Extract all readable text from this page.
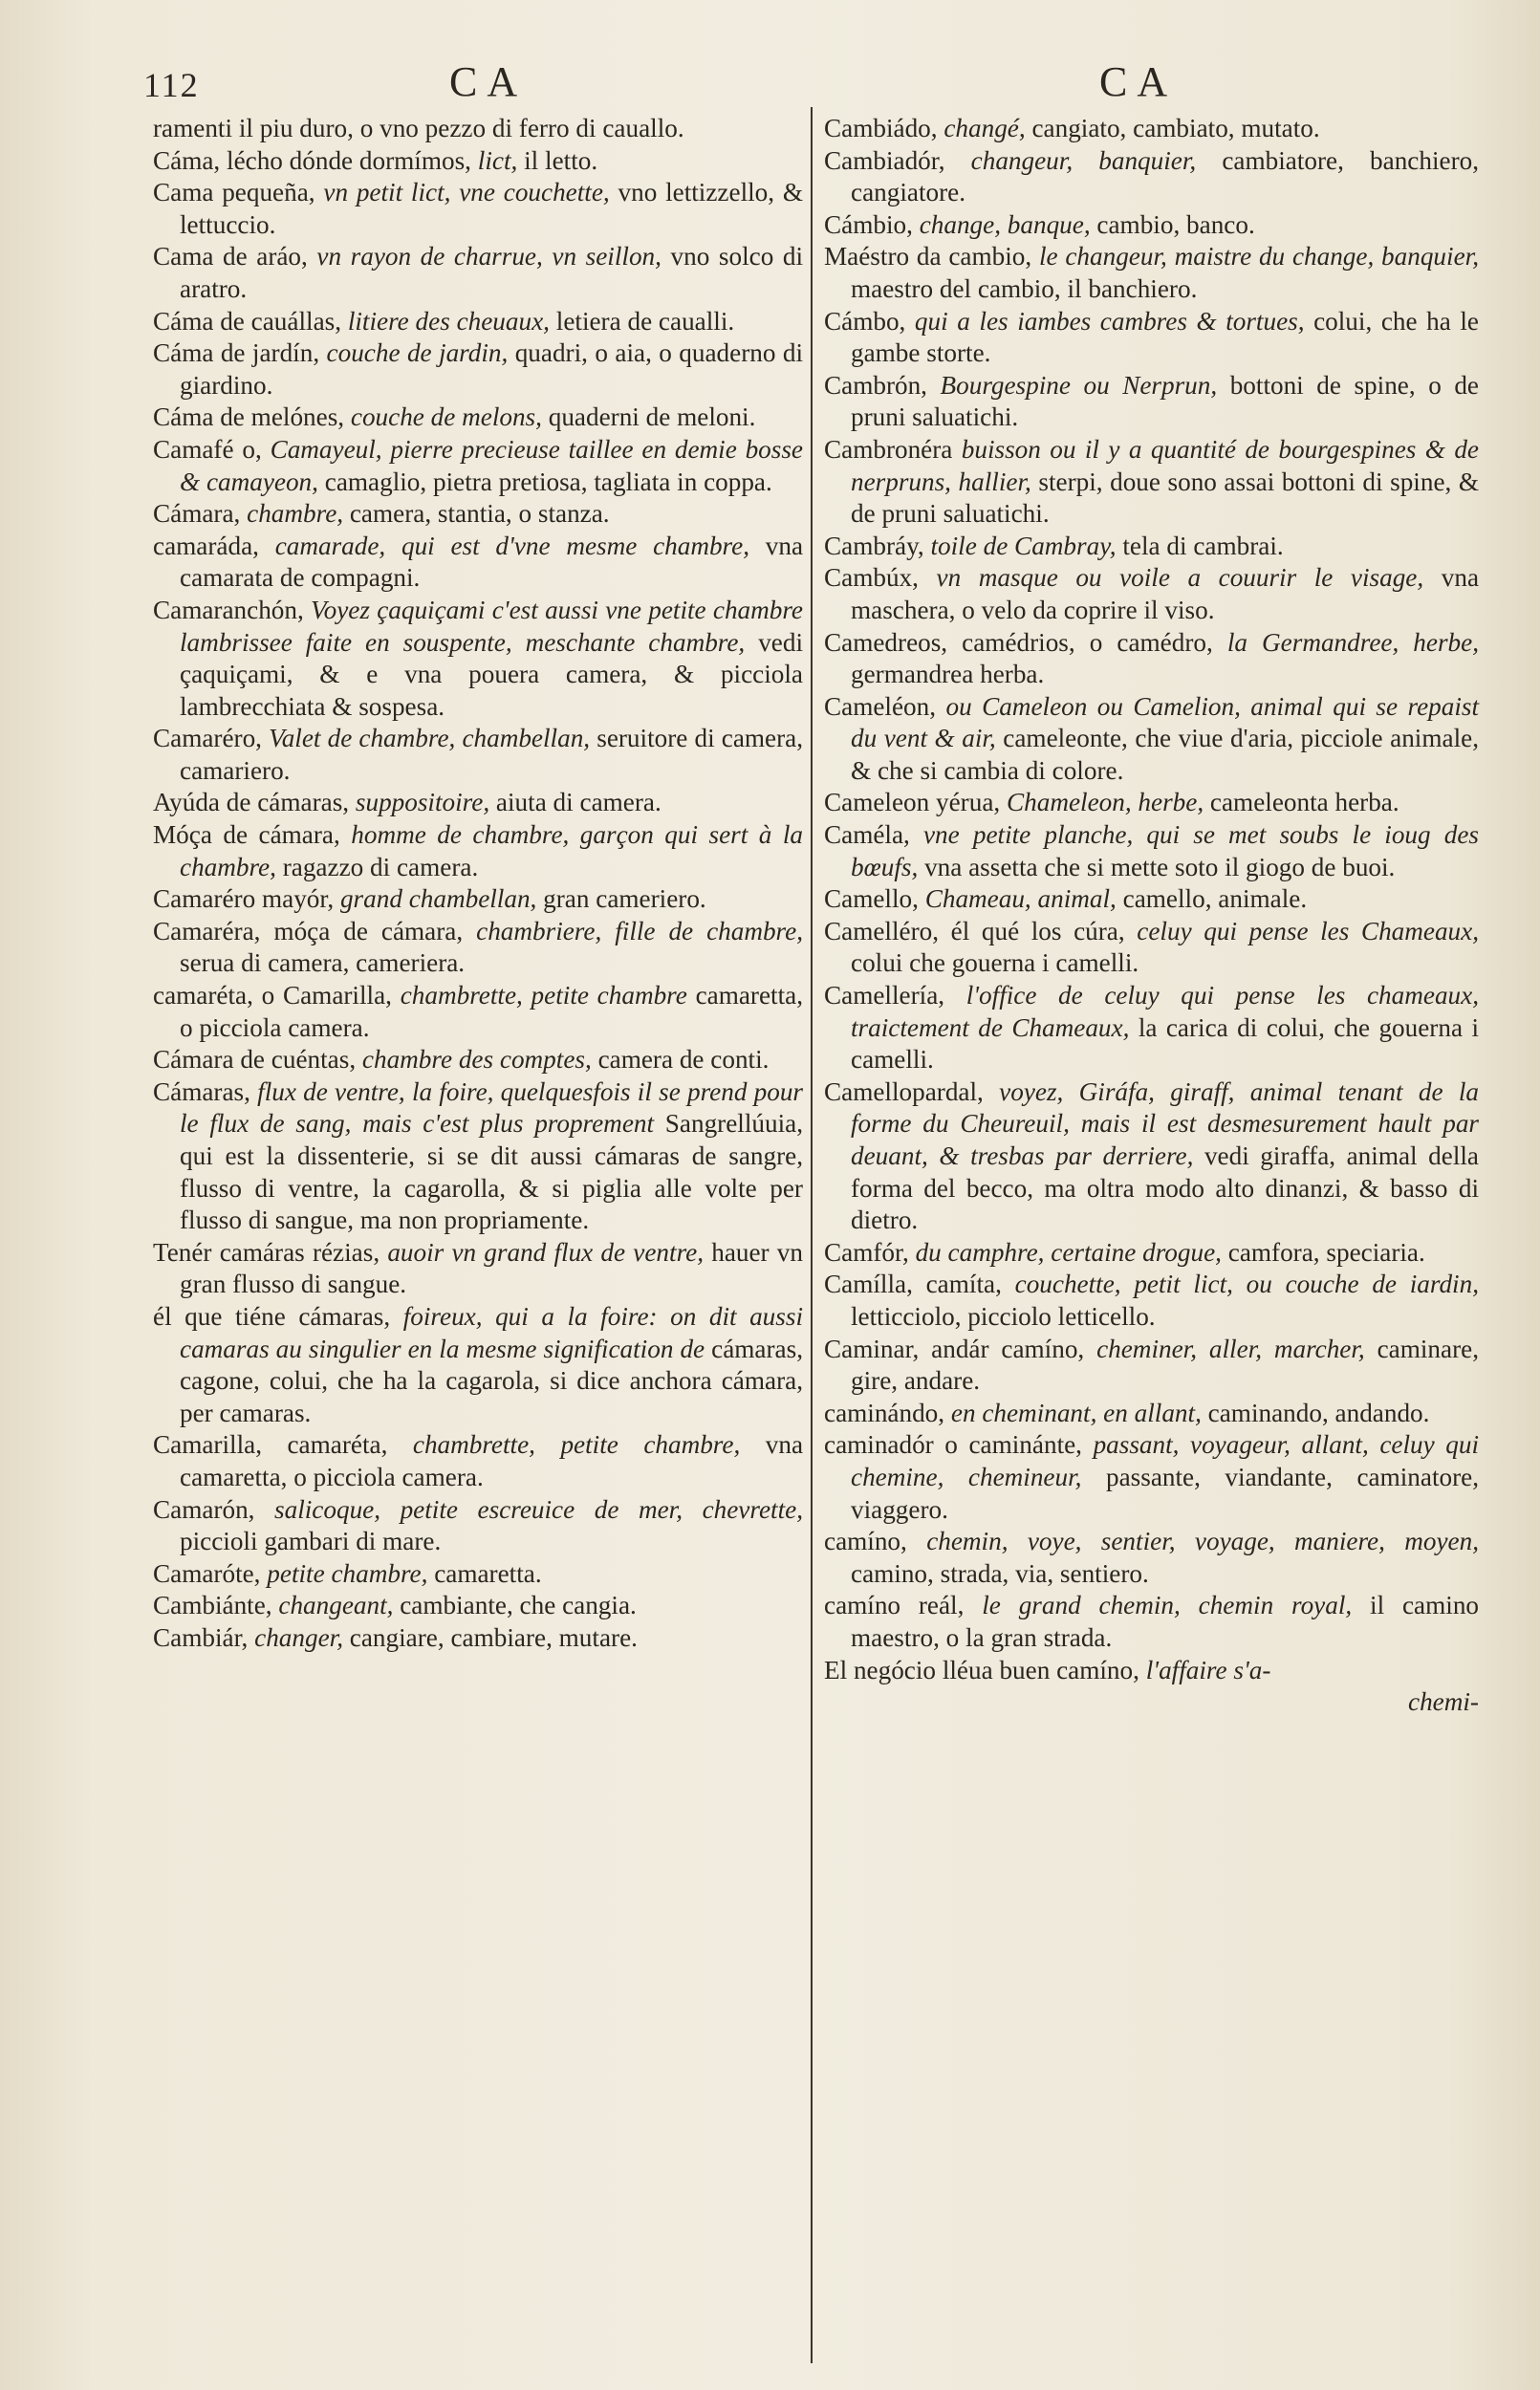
112	CA	CA
ramenti il piu duro, o vno pezzo di ferro di cauallo.
Cáma, lécho dónde dormímos, lict, il letto.
Cama pequeña, vn petit lict, vne couchette, vno lettizzello, & lettuccio.
Cama de aráo, vn rayon de charrue, vn seillon, vno solco di aratro.
Cáma de cauállas, litiere des cheuaux, letiera de caualli.
Cáma de jardín, couche de jardin, quadri, o aia, o quaderno di giardino.
Cáma de melónes, couche de melons, quaderni de meloni.
Camafé o, Camayeul, pierre precieuse taillee en demie bosse & camayeon, camaglio, pietra pretiosa, tagliata in coppa.
Cámara, chambre, camera, stantia, o stanza.
camaráda, camarade, qui est d'vne mesme chambre, vna camarata de compagni.
Camaranchón, Voyez çaquiçami c'est aussi vne petite chambre lambrissee faite en souspente, meschante chambre, vedi çaquiçami, & e vna pouera camera, & picciola lambrecchiata & sospesa.
Camaréro, Valet de chambre, chambellan, seruitore di camera, camariero.
Ayúda de cámaras, suppositoire, aiuta di camera.
Móça de cámara, homme de chambre, garçon qui sert à la chambre, ragazzo di camera.
Camaréro mayór, grand chambellan, gran cameriero.
Camaréra, móça de cámara, chambriere, fille de chambre, serua di camera, cameriera.
camaréta, o Camarilla, chambrette, petite chambre camaretta, o picciola camera.
Cámara de cuéntas, chambre des comptes, camera de conti.
Cámaras, flux de ventre, la foire, quelquesfois il se prend pour le flux de sang, mais c'est plus proprement Sangrellúuia, qui est la dissenterie, si se dit aussi cámaras de sangre, flusso di ventre, la cagarolla, & si piglia alle volte per flusso di sangue, ma non propriamente.
Tenér camáras rézias, auoir vn grand flux de ventre, hauer vn gran flusso di sangue.
él que tiéne cámaras, foireux, qui a la foire: on dit aussi camaras au singulier en la mesme signification de cámaras, cagone, colui, che ha la cagarola, si dice anchora cámara, per camaras.
Camarilla, camaréta, chambrette, petite chambre, vna camaretta, o picciola camera.
Camarón, salicoque, petite escreuice de mer, chevrette, piccioli gambari di mare.
Camaróte, petite chambre, camaretta.
Cambiánte, changeant, cambiante, che cangia.
Cambiár, changer, cangiare, cambiare, mutare.
Cambiádo, changé, cangiato, cambiato, mutato.
Cambiadór, changeur, banquier, cambiatore, banchiero, cangiatore.
Cámbio, change, banque, cambio, banco.
Maéstro da cambio, le changeur, maistre du change, banquier, maestro del cambio, il banchiero.
Cámbo, qui a les iambes cambres & tortues, colui, che ha le gambe storte.
Cambrón, Bourgespine ou Nerprun, bottoni de spine, o de pruni saluatichi.
Cambronéra buisson ou il y a quantité de bourgespines & de nerpruns, hallier, sterpi, doue sono assai bottoni di spine, & de pruni saluatichi.
Cambráy, toile de Cambray, tela di cambrai.
Cambúx, vn masque ou voile a couurir le visage, vna maschera, o velo da coprire il viso.
Camedreos, camédrios, o camédro, la Germandree, herbe, germandrea herba.
Cameléon, ou Cameleon ou Camelion, animal qui se repaist du vent & air, cameleonte, che viue d'aria, picciole animale, & che si cambia di colore.
Cameleon yérua, Chameleon, herbe, cameleonta herba.
Caméla, vne petite planche, qui se met soubs le ioug des bœufs, vna assetta che si mette soto il giogo de buoi.
Camello, Chameau, animal, camello, animale.
Camelléro, él qué los cúra, celuy qui pense les Chameaux, colui che gouerna i camelli.
Camellería, l'office de celuy qui pense les chameaux, traictement de Chameaux, la carica di colui, che gouerna i camelli.
Camellopardal, voyez, Giráfa, giraff, animal tenant de la forme du Cheureuil, mais il est desmesurement hault par deuant, & tresbas par derriere, vedi giraffa, animal della forma del becco, ma oltra modo alto dinanzi, & basso di dietro.
Camfór, du camphre, certaine drogue, camfora, speciaria.
Camílla, camíta, couchette, petit lict, ou couche de iardin, letticciolo, picciolo letticello.
Caminar, andár camíno, cheminer, aller, marcher, caminare, gire, andare.
caminándo, en cheminant, en allant, caminando, andando.
caminadór o caminánte, passant, voyageur, allant, celuy qui chemine, chemineur, passante, viandante, caminatore, viaggero.
camíno, chemin, voye, sentier, voyage, maniere, moyen, camino, strada, via, sentiero.
camíno reál, le grand chemin, chemin royal, il camino maestro, o la gran strada.
El negócio lléua buen camíno, l'affaire s'a-
chemi-
